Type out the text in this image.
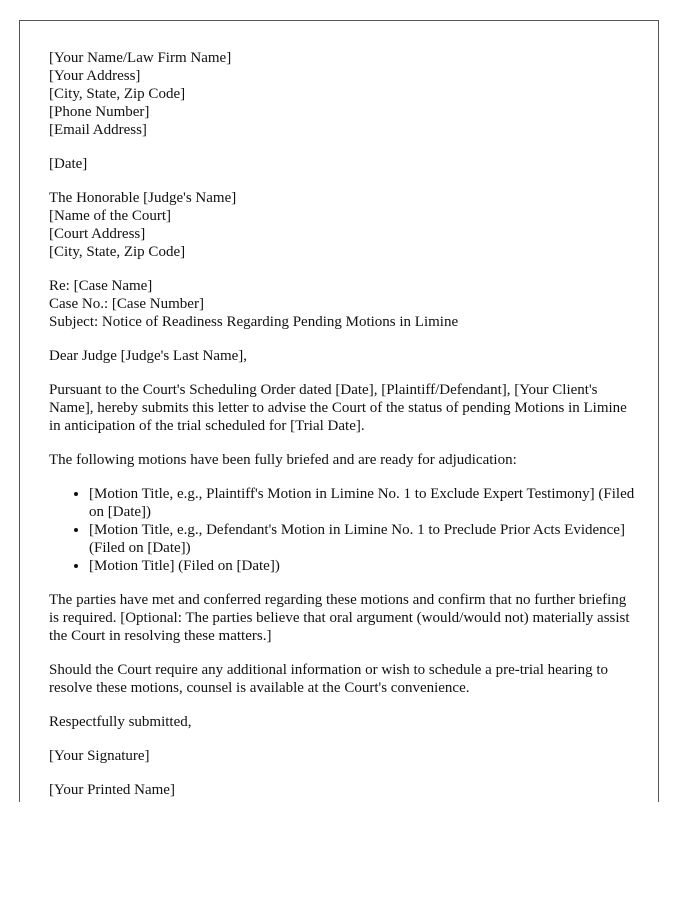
[Your Name/Law Firm Name]
[Your Address]
[City, State, Zip Code]
[Phone Number]
[Email Address]
[Date]
The Honorable [Judge's Name]
[Name of the Court]
[Court Address]
[City, State, Zip Code]
Re: [Case Name]
Case No.: [Case Number]
Subject: Notice of Readiness Regarding Pending Motions in Limine

Dear Judge [Judge's Last Name],

Pursuant to the Court's Scheduling Order dated [Date], [Plaintiff/Defendant], [Your Client's Name], hereby submits this letter to advise the Court of the status of pending Motions in Limine in anticipation of the trial scheduled for [Trial Date].

The following motions have been fully briefed and are ready for adjudication:

• [Motion Title, e.g., Plaintiff's Motion in Limine No. 1 to Exclude Expert Testimony] (Filed on [Date])
• [Motion Title, e.g., Defendant's Motion in Limine No. 1 to Preclude Prior Acts Evidence] (Filed on [Date])
• [Motion Title] (Filed on [Date])

The parties have met and conferred regarding these motions and confirm that no further briefing is required. [Optional: The parties believe that oral argument (would/would not) materially assist the Court in resolving these matters.]

Should the Court require any additional information or wish to schedule a pre-trial hearing to resolve these motions, counsel is available at the Court's convenience.

Respectfully submitted,

[Your Signature]

[Your Printed Name]
